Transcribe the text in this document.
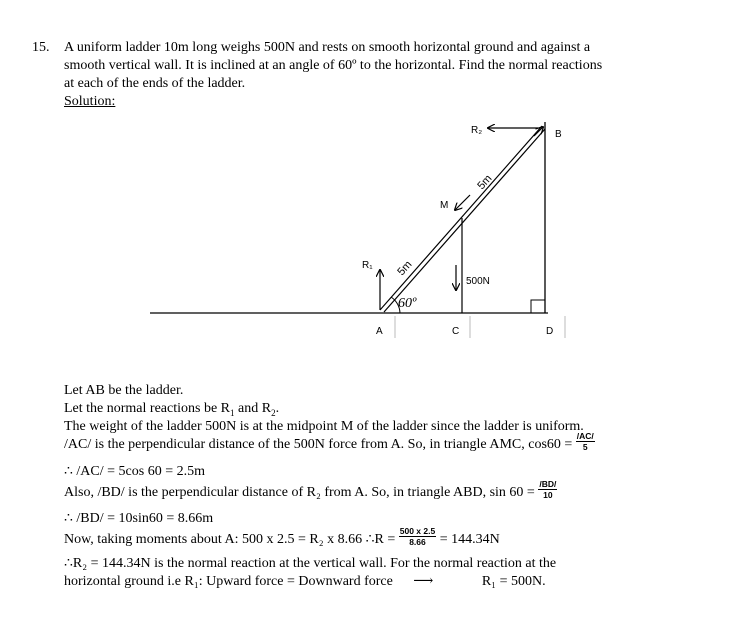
15. A uniform ladder 10m long weighs 500N and rests on smooth horizontal ground and against a
smooth vertical wall. It is inclined at an angle of 60º to the horizontal. Find the normal reactions
at each of the ends of the ladder.
Solution:
R₂	B
5m
M
R₁ 5m
500N
60º
A	C	D
Let AB be the ladder.
Let the normal reactions be $R_1$ and $R_2$.
The weight of the ladder 500N is at the midpoint M of the ladder since the ladder is uniform.
/AC/ is the perpendicular distance of the 500N force from A. So, in triangle AMC, $\cos 60 = \frac{/AC/}{5}$
∴ /AC/ = 5cos 60 = 2.5m
Also, /BD/ is the perpendicular distance of R₂ from A. So, in triangle ABD, $\sin 60 = \frac{/BD/}{10}$
∴ /BD/ = 10sin60 = 8.66m
Now, taking moments about A: 500 x 2.5 = R₂ x 8.66 ∴R = $\frac{500 x 2.5}{8.66} = 144.34N$
∴R₂ = 144.34N is the normal reaction at the vertical wall. For the normal reaction at the
horizontal ground i.e R₁: Upward force = Downward force ⟶	R₁ = 500N.
